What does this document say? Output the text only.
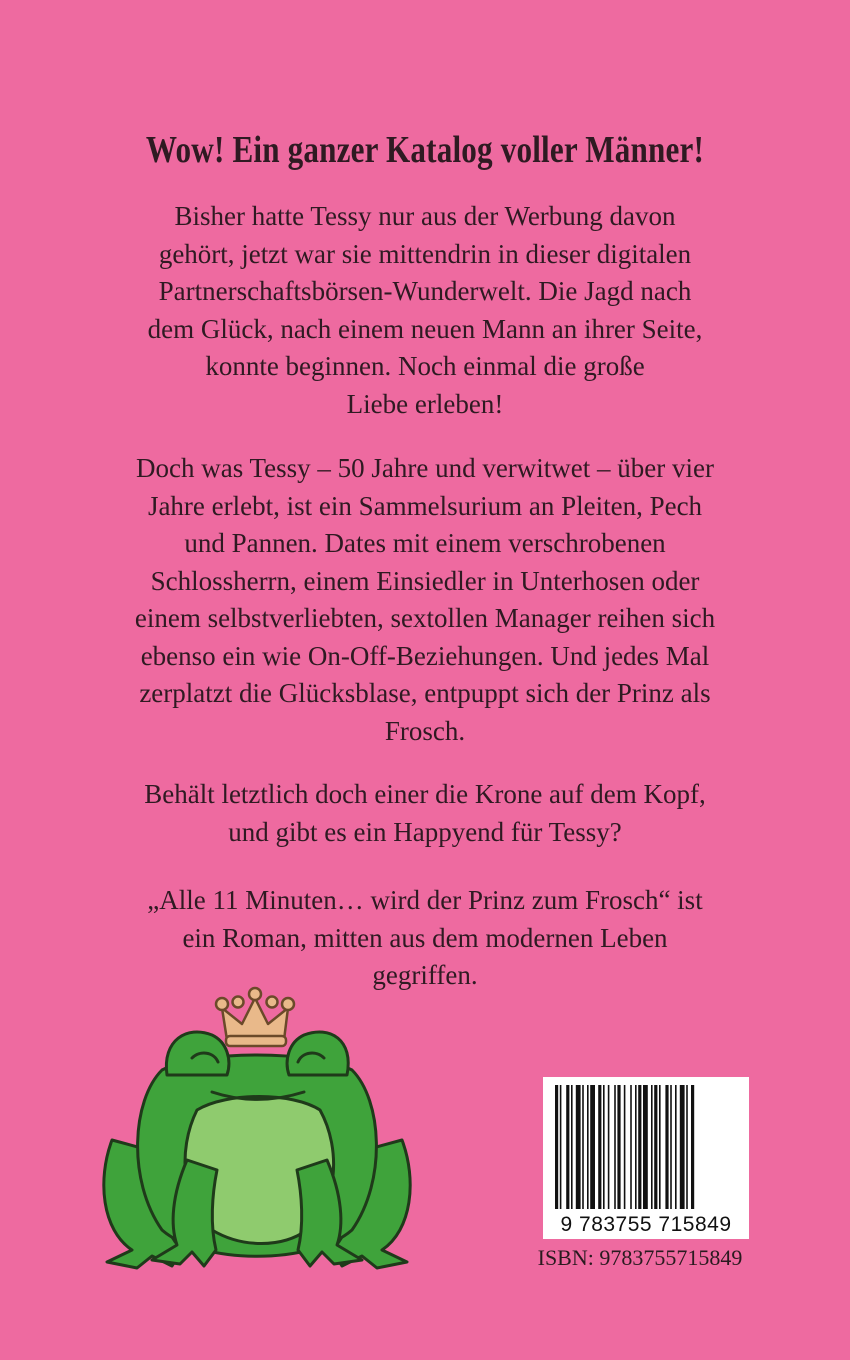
Wow! Ein ganzer Katalog voller Männer!
Bisher hatte Tessy nur aus der Werbung davon
gehört, jetzt war sie mittendrin in dieser digitalen
Partnerschaftsbörsen-Wunderwelt. Die Jagd nach
dem Glück, nach einem neuen Mann an ihrer Seite,
konnte beginnen. Noch einmal die große
Liebe erleben!
Doch was Tessy – 50 Jahre und verwitwet – über vier
Jahre erlebt, ist ein Sammelsurium an Pleiten, Pech
und Pannen. Dates mit einem verschrobenen
Schlossherrn, einem Einsiedler in Unterhosen oder
einem selbstverliebten, sextollen Manager reihen sich
ebenso ein wie On-Off-Beziehungen. Und jedes Mal
zerplatzt die Glücksblase, entpuppt sich der Prinz als
Frosch.
Behält letztlich doch einer die Krone auf dem Kopf,
und gibt es ein Happyend für Tessy?
„Alle 11 Minuten… wird der Prinz zum Frosch“ ist
ein Roman, mitten aus dem modernen Leben
gegriffen.
9 783755 715849
ISBN: 9783755715849
